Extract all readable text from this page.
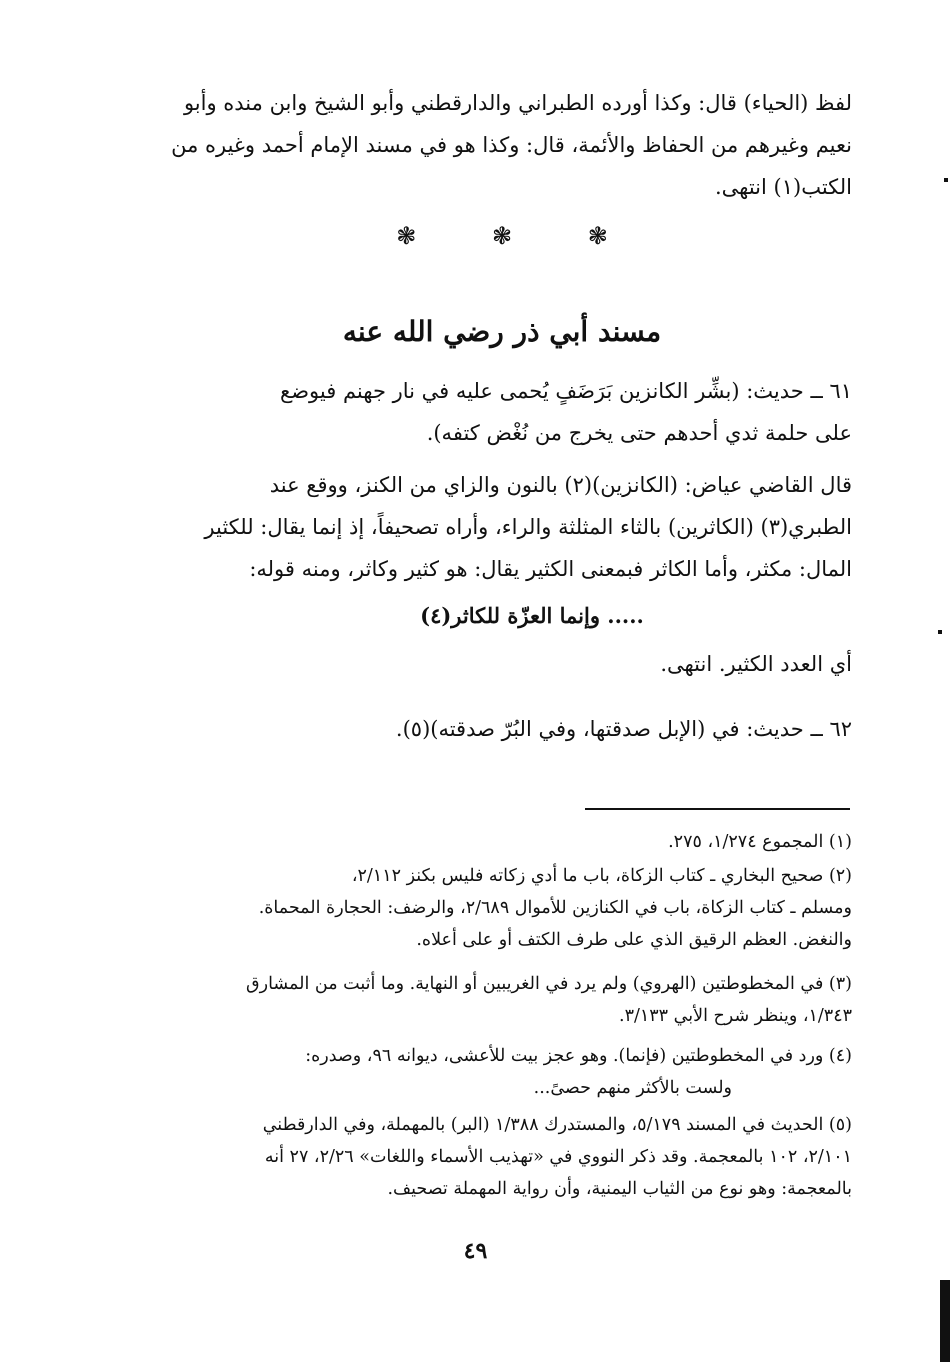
لفظ (الحياء) قال: وكذا أورده الطبراني والدارقطني وأبو الشيخ وابن منده وأبو
نعيم وغيرهم من الحفاظ والأئمة، قال: وكذا هو في مسند الإمام أحمد وغيره من
الكتب(١) انتهى.
❃	❃	❃
مسند أبي ذر رضي الله عنه
٦١ ــ حديث: (بشِّر الكانزين بَرَضَفٍ يُحمى عليه في نار جهنم فيوضع
على حلمة ثدي أحدهم حتى يخرج من نُغْض كتفه).
قال القاضي عياض: (الكانزين)(٢) بالنون والزاي من الكنز، ووقع عند
الطبري(٣) (الكاثرين) بالثاء المثلثة والراء، وأراه تصحيفاً، إذ إنما يقال: للكثير
المال: مكثر، وأما الكاثر فبمعنى الكثير يقال: هو كثير وكاثر، ومنه قوله:
..... وإنما العزّة للكاثر(٤)
أي العدد الكثير. انتهى.
٦٢ ــ حديث: في (الإبل صدقتها، وفي البُرّ صدقته)(٥).
(١) المجموع ١/٢٧٤، ٢٧٥.
(٢) صحيح البخاري ـ كتاب الزكاة، باب ما أدي زكاته فليس بكنز ٢/١١٢،
ومسلم ـ كتاب الزكاة، باب في الكنازين للأموال ٢/٦٨٩، والرضف: الحجارة المحماة.
والنغض. العظم الرقيق الذي على طرف الكتف أو على أعلاه.
(٣) في المخطوطتين (الهروي) ولم يرد في الغريبين أو النهاية. وما أثبت من المشارق
١/٣٤٣، وينظر شرح الأبي ٣/١٣٣.
(٤) ورد في المخطوطتين (فإنما). وهو عجز بيت للأعشى، ديوانه ٩٦، وصدره:
ولست بالأكثر منهم حصىً...
(٥) الحديث في المسند ٥/١٧٩، والمستدرك ١/٣٨٨ (البر) بالمهملة، وفي الدارقطني
٢/١٠١، ١٠٢ بالمعجمة. وقد ذكر النووي في «تهذيب الأسماء واللغات» ٢/٢٦، ٢٧ أنه
بالمعجمة: وهو نوع من الثياب اليمنية، وأن رواية المهملة تصحيف.
٤٩
